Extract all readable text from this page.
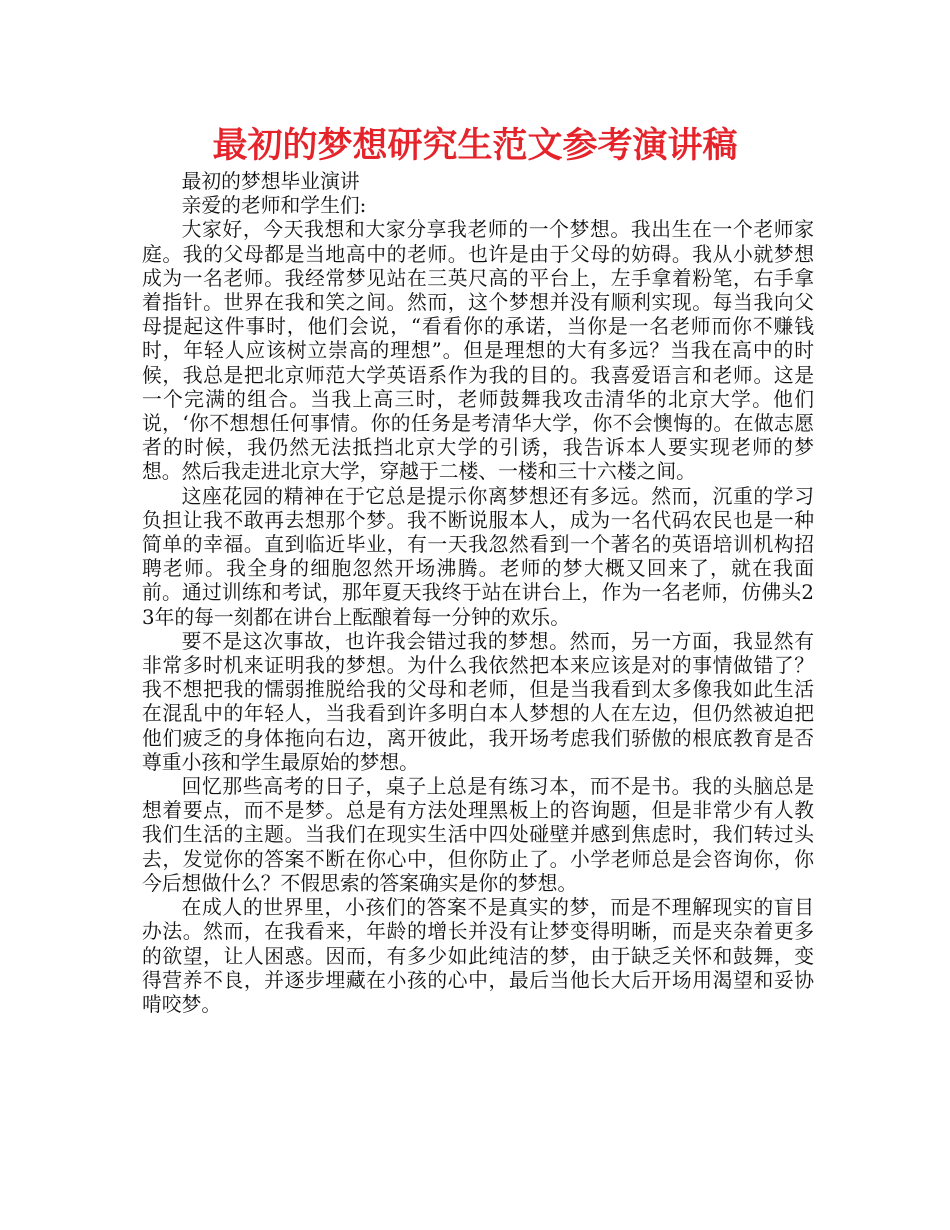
最初的梦想研究生范文参考演讲稿

最初的梦想毕业演讲

亲爱的老师和学生们:

大家好，今天我想和大家分享我老师的一个梦想。我出生在一个老师家庭。我的父母都是当地高中的老师。也许是由于父母的妨碍。我从小就梦想成为一名老师。我经常梦见站在三英尺高的平台上，左手拿着粉笔，右手拿着指针。世界在我和笑之间。然而，这个梦想并没有顺利实现。每当我向父母提起这件事时，他们会说，“看看你的承诺，当你是一名老师而你不赚钱时，年轻人应该树立崇高的理想”。但是理想的大有多远？当我在高中的时候，我总是把北京师范大学英语系作为我的目的。我喜爱语言和老师。这是一个完满的组合。当我上高三时，老师鼓舞我攻击清华的北京大学。他们说，‘你不想想任何事情。你的任务是考清华大学，你不会懊悔的。在做志愿者的时候，我仍然无法抵挡北京大学的引诱，我告诉本人要实现老师的梦想。然后我走进北京大学，穿越于二楼、一楼和三十六楼之间。

这座花园的精神在于它总是提示你离梦想还有多远。然而，沉重的学习负担让我不敢再去想那个梦。我不断说服本人，成为一名代码农民也是一种简单的幸福。直到临近毕业，有一天我忽然看到一个著名的英语培训机构招聘老师。我全身的细胞忽然开场沸腾。老师的梦大概又回来了，就在我面前。通过训练和考试，那年夏天我终于站在讲台上，作为一名老师，仿佛头23年的每一刻都在讲台上酝酿着每一分钟的欢乐。

要不是这次事故，也许我会错过我的梦想。然而，另一方面，我显然有非常多时机来证明我的梦想。为什么我依然把本来应该是对的事情做错了？我不想把我的懦弱推脱给我的父母和老师，但是当我看到太多像我如此生活在混乱中的年轻人，当我看到许多明白本人梦想的人在左边，但仍然被迫把他们疲乏的身体拖向右边，离开彼此，我开场考虑我们骄傲的根底教育是否尊重小孩和学生最原始的梦想。

回忆那些高考的日子，桌子上总是有练习本，而不是书。我的头脑总是想着要点，而不是梦。总是有方法处理黑板上的咨询题，但是非常少有人教我们生活的主题。当我们在现实生活中四处碰壁并感到焦虑时，我们转过头去，发觉你的答案不断在你心中，但你防止了。小学老师总是会咨询你，你今后想做什么？不假思索的答案确实是你的梦想。

在成人的世界里，小孩们的答案不是真实的梦，而是不理解现实的盲目办法。然而，在我看来，年龄的增长并没有让梦变得明晰，而是夹杂着更多的欲望，让人困惑。因而，有多少如此纯洁的梦，由于缺乏关怀和鼓舞，变得营养不良，并逐步埋藏在小孩的心中，最后当他长大后开场用渴望和妥协啃咬梦。
